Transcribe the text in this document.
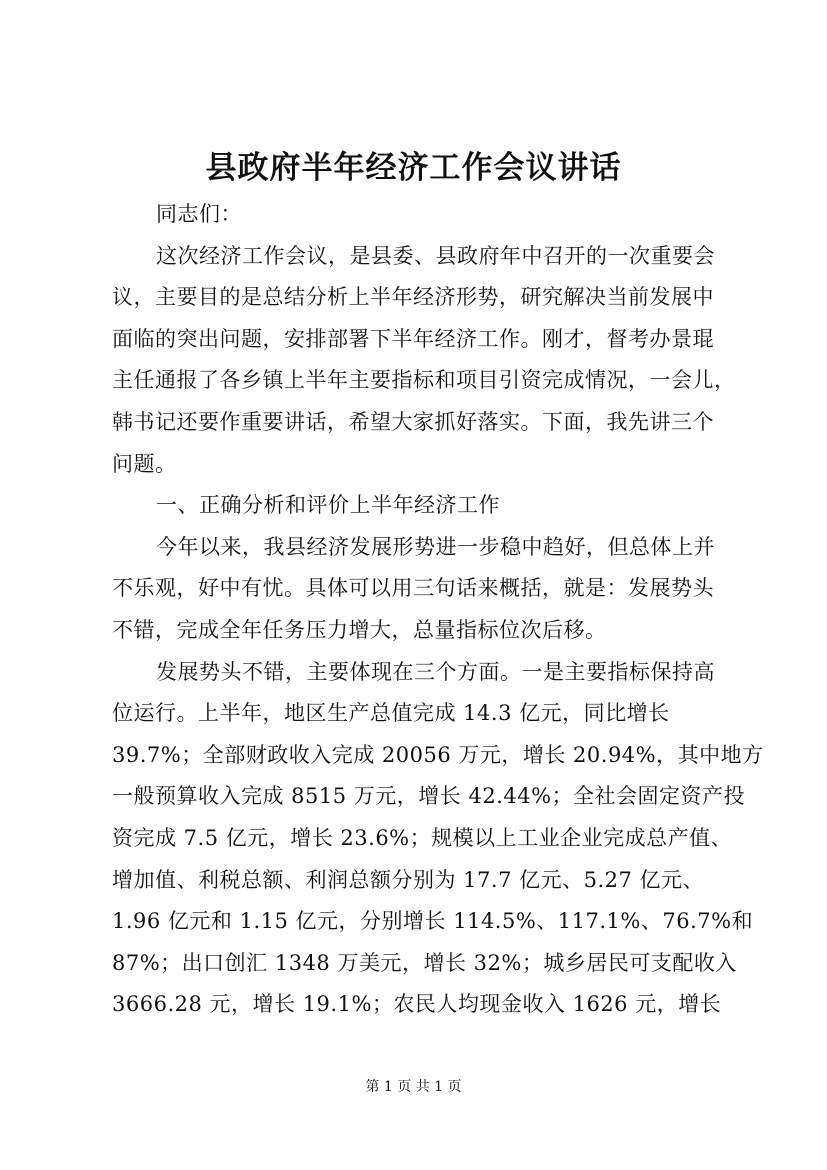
县政府半年经济工作会议讲话
同志们：
这次经济工作会议，是县委、县政府年中召开的一次重要会
议，主要目的是总结分析上半年经济形势，研究解决当前发展中
面临的突出问题，安排部署下半年经济工作。刚才，督考办景琨
主任通报了各乡镇上半年主要指标和项目引资完成情况，一会儿，
韩书记还要作重要讲话，希望大家抓好落实。下面，我先讲三个
问题。
一、正确分析和评价上半年经济工作
今年以来，我县经济发展形势进一步稳中趋好，但总体上并
不乐观，好中有忧。具体可以用三句话来概括，就是：发展势头
不错，完成全年任务压力增大，总量指标位次后移。
发展势头不错，主要体现在三个方面。一是主要指标保持高
位运行。上半年，地区生产总值完成 14.3 亿元，同比增长
39.7%；全部财政收入完成 20056 万元，增长 20.94%，其中地方
一般预算收入完成 8515 万元，增长 42.44%；全社会固定资产投
资完成 7.5 亿元，增长 23.6%；规模以上工业企业完成总产值、
增加值、利税总额、利润总额分别为 17.7 亿元、5.27 亿元、
1.96 亿元和 1.15 亿元，分别增长 114.5%、117.1%、76.7%和
87%；出口创汇 1348 万美元，增长 32%；城乡居民可支配收入
3666.28 元，增长 19.1%；农民人均现金收入 1626 元，增长
第 1 页 共 1 页
